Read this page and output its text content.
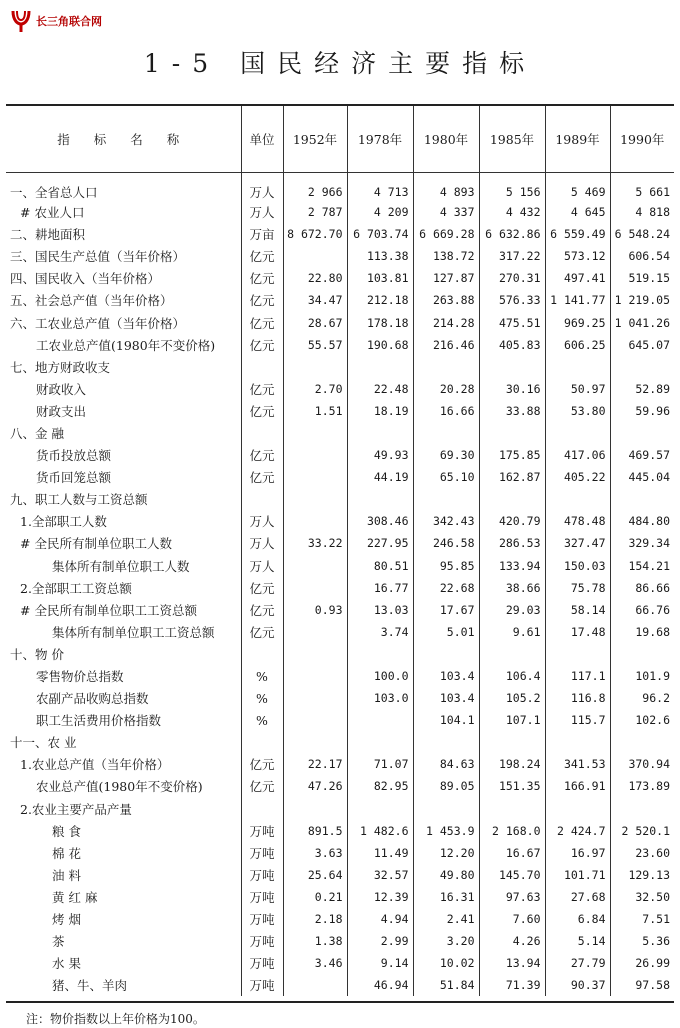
长三角联合网
1-5 国民经济主要指标
指 标 名 称	单位	1952年	1978年	1980年	1985年	1989年	1990年
一、全省总人口	万人	2 966	4 713	4 893	5 156	5 469	5 661
# 农业人口	万人	2 787	4 209	4 337	4 432	4 645	4 818
二、耕地面积	万亩	8 672.70	6 703.74	6 669.28	6 632.86	6 559.49	6 548.24
三、国民生产总值（当年价格）	亿元		113.38	138.72	317.22	573.12	606.54
四、国民收入（当年价格）	亿元	22.80	103.81	127.87	270.31	497.41	519.15
五、社会总产值（当年价格）	亿元	34.47	212.18	263.88	576.33	1 141.77	1 219.05
六、工农业总产值（当年价格）	亿元	28.67	178.18	214.28	475.51	969.25	1 041.26
工农业总产值(1980年不变价格)	亿元	55.57	190.68	216.46	405.83	606.25	645.07
七、地方财政收支							
财政收入	亿元	2.70	22.48	20.28	30.16	50.97	52.89
财政支出	亿元	1.51	18.19	16.66	33.88	53.80	59.96
八、金 融							
货币投放总额	亿元		49.93	69.30	175.85	417.06	469.57
货币回笼总额	亿元		44.19	65.10	162.87	405.22	445.04
九、职工人数与工资总额							
1.全部职工人数	万人		308.46	342.43	420.79	478.48	484.80
# 全民所有制单位职工人数	万人	33.22	227.95	246.58	286.53	327.47	329.34
集体所有制单位职工人数	万人		80.51	95.85	133.94	150.03	154.21
2.全部职工工资总额	亿元		16.77	22.68	38.66	75.78	86.66
# 全民所有制单位职工工资总额	亿元	0.93	13.03	17.67	29.03	58.14	66.76
集体所有制单位职工工资总额	亿元		3.74	5.01	9.61	17.48	19.68
十、物 价							
零售物价总指数	%		100.0	103.4	106.4	117.1	101.9
农副产品收购总指数	%		103.0	103.4	105.2	116.8	96.2
职工生活费用价格指数	%			104.1	107.1	115.7	102.6
十一、农 业							
1.农业总产值（当年价格）	亿元	22.17	71.07	84.63	198.24	341.53	370.94
农业总产值(1980年不变价格)	亿元	47.26	82.95	89.05	151.35	166.91	173.89
2.农业主要产品产量							
粮 食	万吨	891.5	1 482.6	1 453.9	2 168.0	2 424.7	2 520.1
棉 花	万吨	3.63	11.49	12.20	16.67	16.97	23.60
油 料	万吨	25.64	32.57	49.80	145.70	101.71	129.13
黄 红 麻	万吨	0.21	12.39	16.31	97.63	27.68	32.50
烤 烟	万吨	2.18	4.94	2.41	7.60	6.84	7.51
茶	万吨	1.38	2.99	3.20	4.26	5.14	5.36
水 果	万吨	3.46	9.14	10.02	13.94	27.79	26.99
猪、牛、羊肉	万吨		46.94	51.84	71.39	90.37	97.58
注：物价指数以上年价格为100。
